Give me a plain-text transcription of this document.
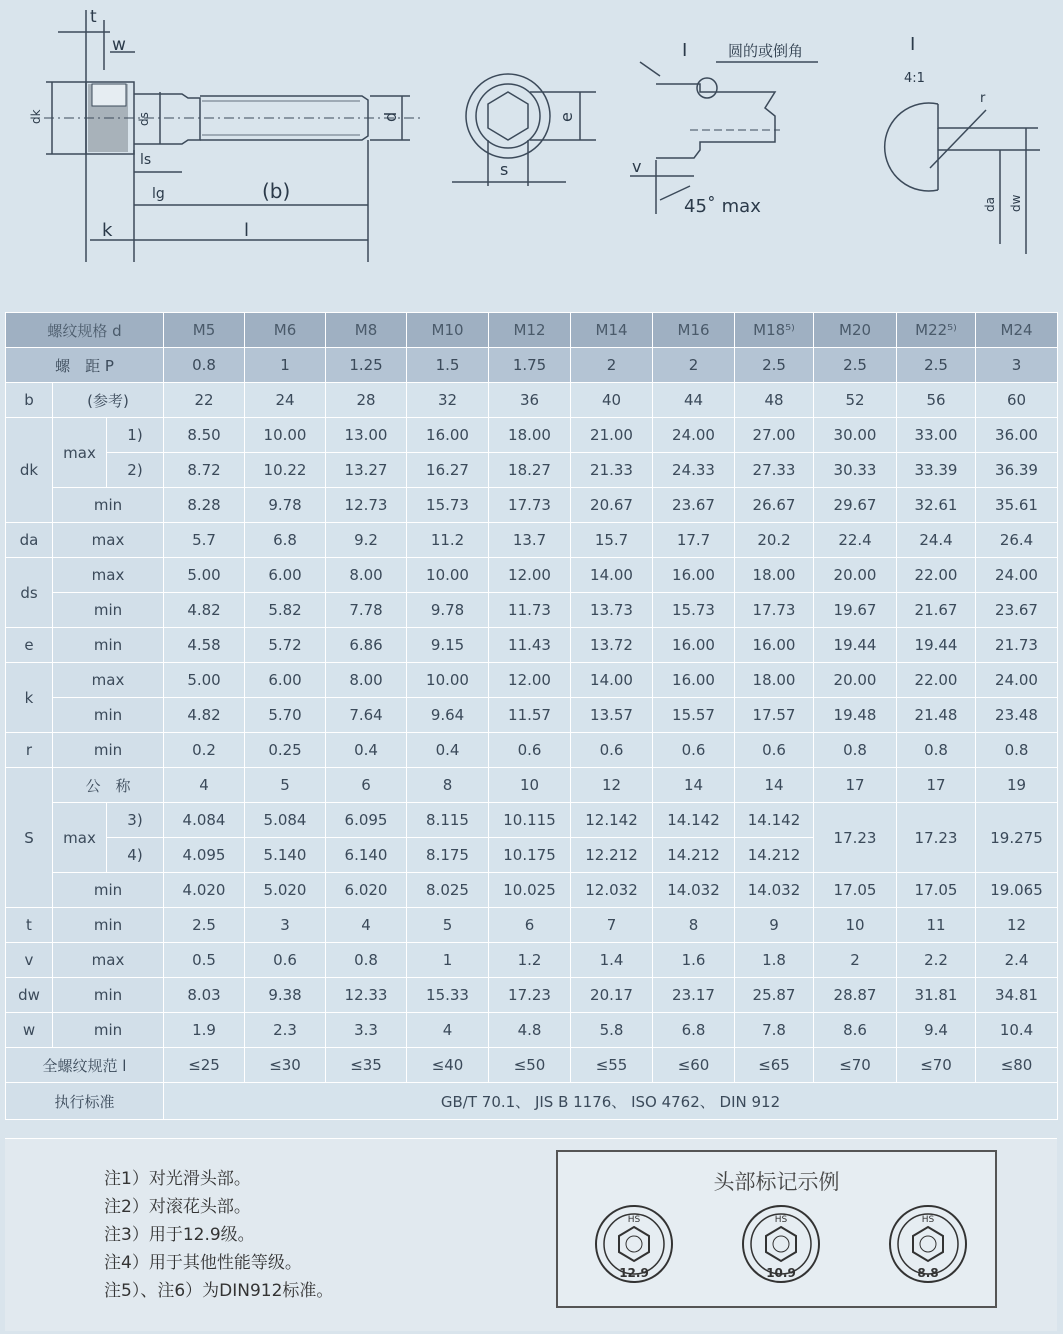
t
w
dk	ds
ls
lg	(b)
d
k	l
e
s
I	圆的或倒角
v
45˚ max
I
4:1
r
da dw
螺纹规格 d			M5	M6	M8	M10	M12	M14	M16	M18⁵⁾	M20	M22⁵⁾	M24
螺　距 P			0.8	1	1.25	1.5	1.75	2	2	2.5	2.5	2.5	3
b	(参考)		22	24	28	32	36	40	44	48	52	56	60
dk	max	1)	8.50	10.00	13.00	16.00	18.00	21.00	24.00	27.00	30.00	33.00	36.00
		2)	8.72	10.22	13.27	16.27	18.27	21.33	24.33	27.33	30.33	33.39	36.39
	min		8.28	9.78	12.73	15.73	17.73	20.67	23.67	26.67	29.67	32.61	35.61
da	max		5.7	6.8	9.2	11.2	13.7	15.7	17.7	20.2	22.4	24.4	26.4
ds	max		5.00	6.00	8.00	10.00	12.00	14.00	16.00	18.00	20.00	22.00	24.00
	min		4.82	5.82	7.78	9.78	11.73	13.73	15.73	17.73	19.67	21.67	23.67
e	min		4.58	5.72	6.86	9.15	11.43	13.72	16.00	16.00	19.44	19.44	21.73
k	max		5.00	6.00	8.00	10.00	12.00	14.00	16.00	18.00	20.00	22.00	24.00
	min		4.82	5.70	7.64	9.64	11.57	13.57	15.57	17.57	19.48	21.48	23.48
r	min		0.2	0.25	0.4	0.4	0.6	0.6	0.6	0.6	0.8	0.8	0.8
S	公　称		4	5	6	8	10	12	14	14	17	17	19
	max	3)	4.084	5.084	6.095	8.115	10.115	12.142	14.142	14.142	17.23	17.23	19.275
		4)	4.095	5.140	6.140	8.175	10.175	12.212	14.212	14.212			
	min		4.020	5.020	6.020	8.025	10.025	12.032	14.032	14.032	17.05	17.05	19.065
t	min		2.5	3	4	5	6	7	8	9	10	11	12
v	max		0.5	0.6	0.8	1	1.2	1.4	1.6	1.8	2	2.2	2.4
dw	min		8.03	9.38	12.33	15.33	17.23	20.17	23.17	25.87	28.87	31.81	34.81
w	min		1.9	2.3	3.3	4	4.8	5.8	6.8	7.8	8.6	9.4	10.4
全螺纹规范 l			≤25	≤30	≤35	≤40	≤50	≤55	≤60	≤65	≤70	≤70	≤80
执行标准			GB/T 70.1、 JIS B 1176、 ISO 4762、 DIN 912										
注1）对光滑头部。
注2）对滚花头部。
注3）用于12.9级。
注4）用于其他性能等级。
注5）、注6）为DIN912标准。
头部标记示例
HS
12.9
HS
10.9
HS
8.8
